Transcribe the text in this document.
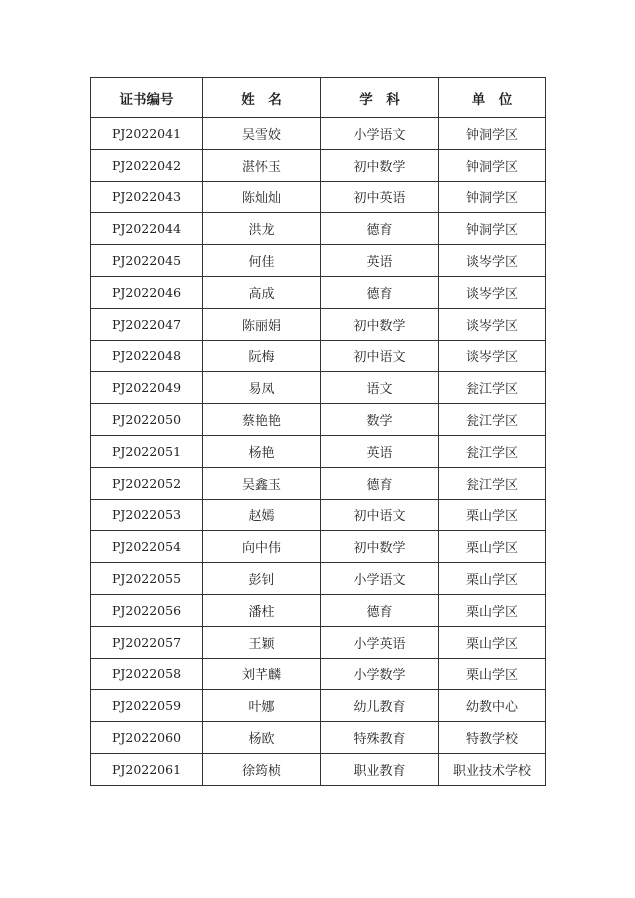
证书编号	姓　名	学　科	单　位
PJ2022041	吴雪姣	小学语文	钟洞学区
PJ2022042	湛怀玉	初中数学	钟洞学区
PJ2022043	陈灿灿	初中英语	钟洞学区
PJ2022044	洪龙	德育	钟洞学区
PJ2022045	何佳	英语	谈岑学区
PJ2022046	高成	德育	谈岑学区
PJ2022047	陈丽娟	初中数学	谈岑学区
PJ2022048	阮梅	初中语文	谈岑学区
PJ2022049	易凤	语文	瓮江学区
PJ2022050	蔡艳艳	数学	瓮江学区
PJ2022051	杨艳	英语	瓮江学区
PJ2022052	吴鑫玉	德育	瓮江学区
PJ2022053	赵嫣	初中语文	栗山学区
PJ2022054	向中伟	初中数学	栗山学区
PJ2022055	彭钊	小学语文	栗山学区
PJ2022056	潘柱	德育	栗山学区
PJ2022057	王颖	小学英语	栗山学区
PJ2022058	刘芊麟	小学数学	栗山学区
PJ2022059	叶娜	幼儿教育	幼教中心
PJ2022060	杨欧	特殊教育	特教学校
PJ2022061	徐筠桢	职业教育	职业技术学校
